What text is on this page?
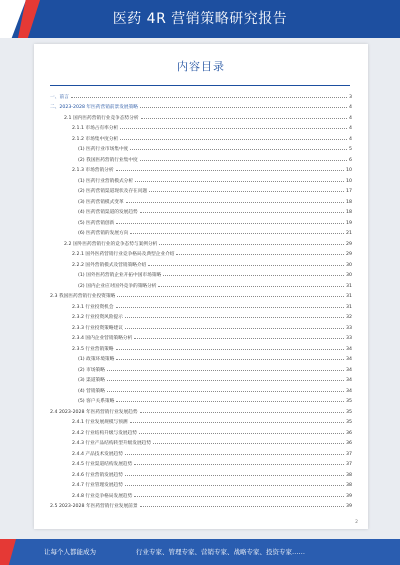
医药 4R 营销策略研究报告
内容目录
一、前言	3
二、2023-2028 年医药营销前景发展策略	4
2.1 国内医药营销行业竞争态势分析	4
2.1.1 市场占有率分析	4
2.1.2 市场集中度分析	4
(1) 医药行业市场集中度	5
(2) 我国医药营销行业集中度	6
2.1.3 市场营销分析	10
(1) 医药行业营销模式分析	10
(2) 医药营销渠道现状及存在问题	17
(3) 医药营销模式变革	18
(4) 医药营销渠道的发展趋势	18
(5) 医药营销创新	19
(6) 医药营销的发展方向	21
2.2 国外医药营销行业的竞争态势与案例分析	29
2.2.1 国外医药营销行业竞争格局及典型企业介绍	29
2.2.2 国外营销模式及营销策略介绍	30
(1) 国外医药营销企业开拓中国市场策略	30
(2) 国内企业应对国外竞争的策略分析	31
2.3 我国医药营销行业投资策略	31
2.3.1 行业投资机会	31
2.3.2 行业投资风险提示	32
2.3.3 行业投资策略建议	33
2.3.4 国内企业营销策略分析	33
2.3.5 行业营销策略	34
(1) 政策环境策略	34
(2) 市场策略	34
(3) 渠道策略	34
(4) 营销策略	34
(5) 客户关系策略	35
2.4 2023-2028 年医药营销行业发展趋势	35
2.4.1 行业发展规模与预测	35
2.4.2 行业结构升级与发展趋势	36
2.4.3 行业产品结构转型升级发展趋势	36
2.4.4 产品技术发展趋势	37
2.4.5 行业渠道结构发展趋势	37
2.4.6 行业营销发展趋势	38
2.4.7 行业管理发展趋势	38
2.4.8 行业竞争格局发展趋势	39
2.5 2023-2028 年医药营销行业发展前景	39
2
让每个人都能成为	行业专家、管理专家、营销专家、战略专家、投资专家……
